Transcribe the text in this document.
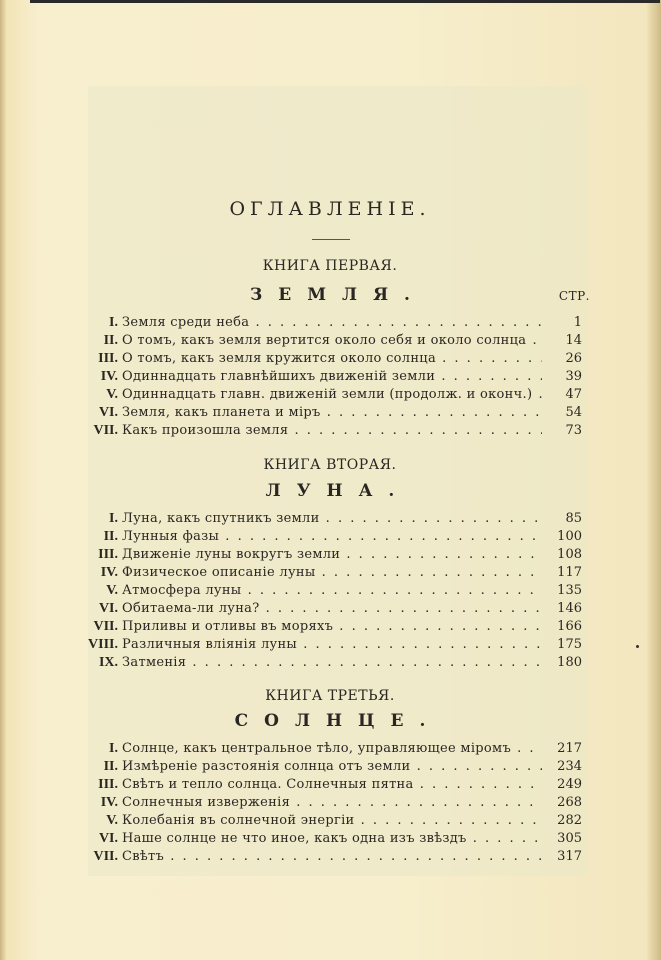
ОГЛАВЛЕНІЕ.
КНИГА ПЕРВАЯ.
ЗЕМЛЯ.	СТР.
I. Земля среди неба . . .	1
II. О томъ, какъ земля вертится около себя и около солнца . . .	14
III. О томъ, какъ земля кружится около солнца . . .	26
IV. Одиннадцать главнѣйшихъ движеній земли . . .	39
V. Одиннадцать главн. движеній земли (продолж. и оконч.) . . .	47
VI. Земля, какъ планета и міръ . . .	54
VII. Какъ произошла земля . . .	73
КНИГА ВТОРАЯ.
ЛУНА.
I. Луна, какъ спутникъ земли . . .	85
II. Лунныя фазы . . .	100
III. Движеніе луны вокругъ земли . . .	108
IV. Физическое описаніе луны . . .	117
V. Атмосфера луны . . .	135
VI. Обитаема-ли луна? . . .	146
VII. Приливы и отливы въ моряхъ . . .	166
VIII. Различныя вліянія луны . . .	175
IX. Затменія . . .	180
КНИГА ТРЕТЬЯ.
СОЛНЦЕ.
I. Солнце, какъ центральное тѣло, управляющее міромъ . . .	217
II. Измѣреніе разстоянія солнца отъ земли . . .	234
III. Свѣтъ и тепло солнца. Солнечныя пятна . . .	249
IV. Солнечныя изверженія . . .	268
V. Колебанія въ солнечной энергіи . . .	282
VI. Наше солнце не что иное, какъ одна изъ звѣздъ . . .	305
VII. Свѣтъ . . .	317
